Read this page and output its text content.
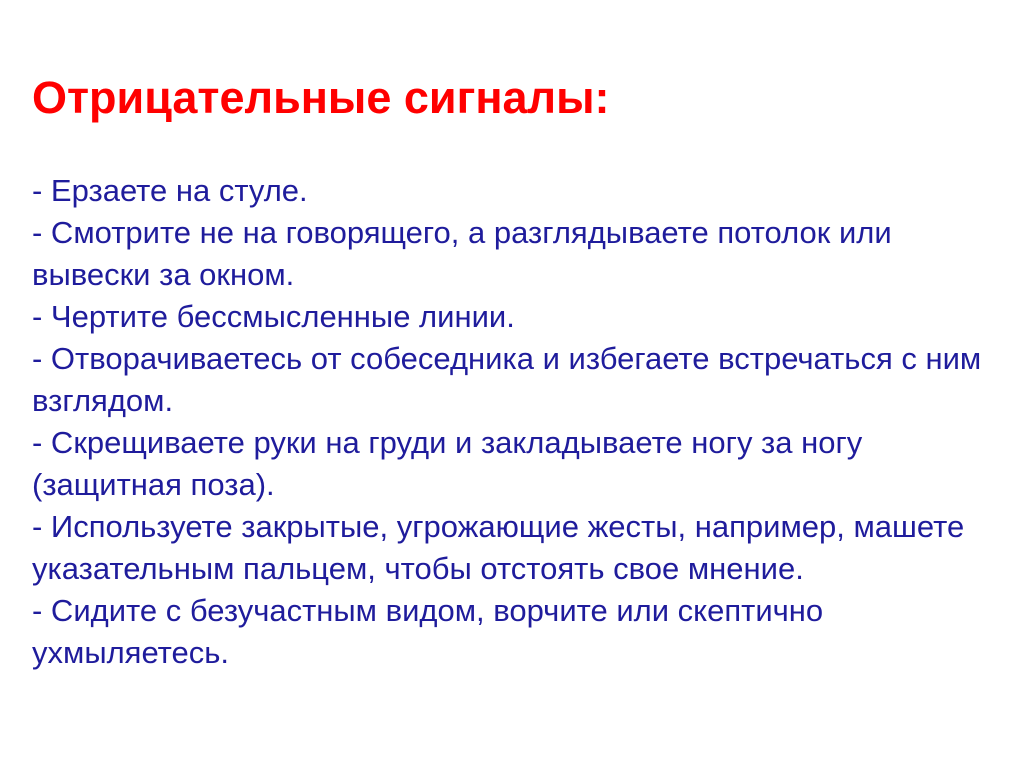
Отрицательные сигналы:
- Ерзаете на стуле.
- Смотрите не на говорящего, а разглядываете потолок или вывески за окном.
- Чертите бессмысленные линии.
- Отворачиваетесь от собеседника и избегаете встречаться с ним взглядом.
- Скрещиваете руки на груди и закладываете ногу за ногу (защитная поза).
- Используете закрытые, угрожающие жесты, например, машете указательным пальцем, чтобы отстоять свое мнение.
- Сидите с безучастным видом, ворчите или скептично ухмыляетесь.
